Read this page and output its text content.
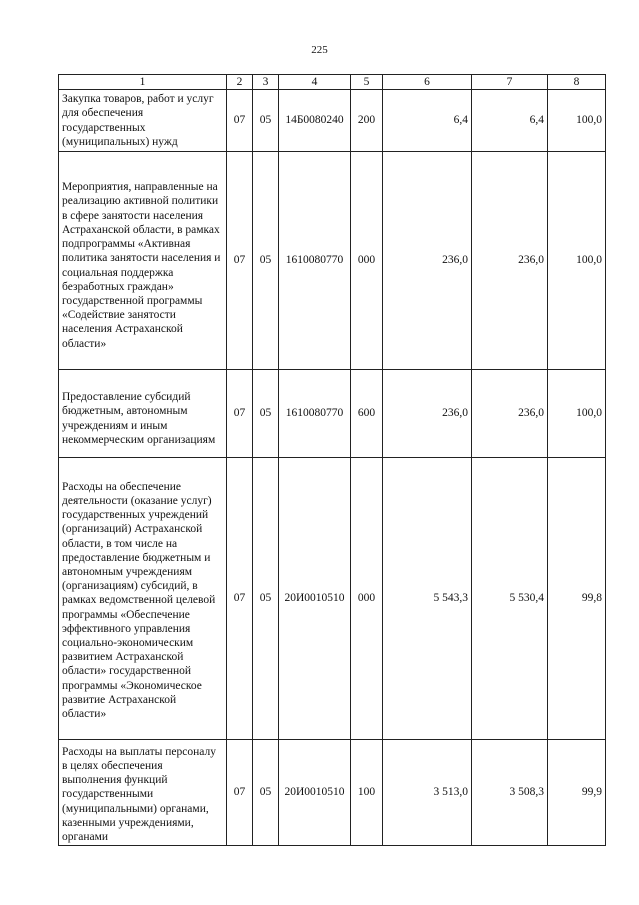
225
1	2	3	4	5	6	7	8
Закупка товаров, работ и услуг для обеспечения государственных (муниципальных) нужд	07	05	14Б0080240	200	6,4	6,4	100,0
Мероприятия, направленные на реализацию активной политики в сфере занятости населения Астраханской области, в рамках подпрограммы «Активная политика занятости населения и социальная поддержка безработных граждан» государственной программы «Содействие занятости населения Астраханской области»	07	05	1610080770	000	236,0	236,0	100,0
Предоставление субсидий бюджетным, автономным учреждениям и иным некоммерческим организациям	07	05	1610080770	600	236,0	236,0	100,0
Расходы на обеспечение деятельности (оказание услуг) государственных учреждений (организаций) Астраханской области, в том числе на предоставление бюджетным и автономным учреждениям (организациям) субсидий, в рамках ведомственной целевой программы «Обеспечение эффективного управления социально-экономическим развитием Астраханской области» государственной программы «Экономическое развитие Астраханской области»	07	05	20И0010510	000	5 543,3	5 530,4	99,8
Расходы на выплаты персоналу в целях обеспечения выполнения функций государственными (муниципальными) органами, казенными учреждениями, органами	07	05	20И0010510	100	3 513,0	3 508,3	99,9
